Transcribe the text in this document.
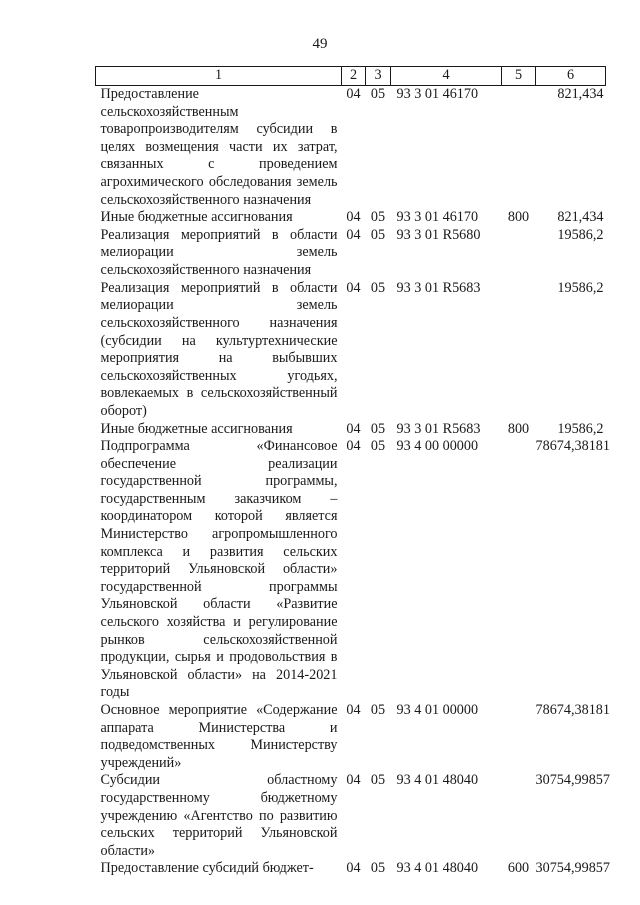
49
1	2	3	4	5	6
Предоставление сельскохозяйственным товаропроизводителям субсидии в целях возмещения части их затрат, связанных с проведением агрохимического обследования земель сельскохозяйственного назначения	04	05	93 3 01 46170		821,434
Иные бюджетные ассигнования	04	05	93 3 01 46170	800	821,434
Реализация мероприятий в области мелиорации земель сельскохозяйственного назначения	04	05	93 3 01 R5680		19586,2
Реализация мероприятий в области мелиорации земель сельскохозяйственного назначения (субсидии на культуртехнические мероприятия на выбывших сельскохозяйственных угодьях, вовлекаемых в сельскохозяйственный оборот)	04	05	93 3 01 R5683		19586,2
Иные бюджетные ассигнования	04	05	93 3 01 R5683	800	19586,2
Подпрограмма «Финансовое обеспечение реализации государственной программы, государственным заказчиком – координатором которой является Министерство агропромышленного комплекса и развития сельских территорий Ульяновской области» государственной программы Ульяновской области «Развитие сельского хозяйства и регулирование рынков сельскохозяйственной продукции, сырья и продовольствия в Ульяновской области» на 2014-2021 годы	04	05	93 4 00 00000		78674,38181
Основное мероприятие «Содержание аппарата Министерства и подведомственных Министерству учреждений»	04	05	93 4 01 00000		78674,38181
Субсидии областному государственному бюджетному учреждению «Агентство по развитию сельских территорий Ульяновской области»	04	05	93 4 01 48040		30754,99857
Предоставление субсидий бюджет-	04	05	93 4 01 48040	600	30754,99857
